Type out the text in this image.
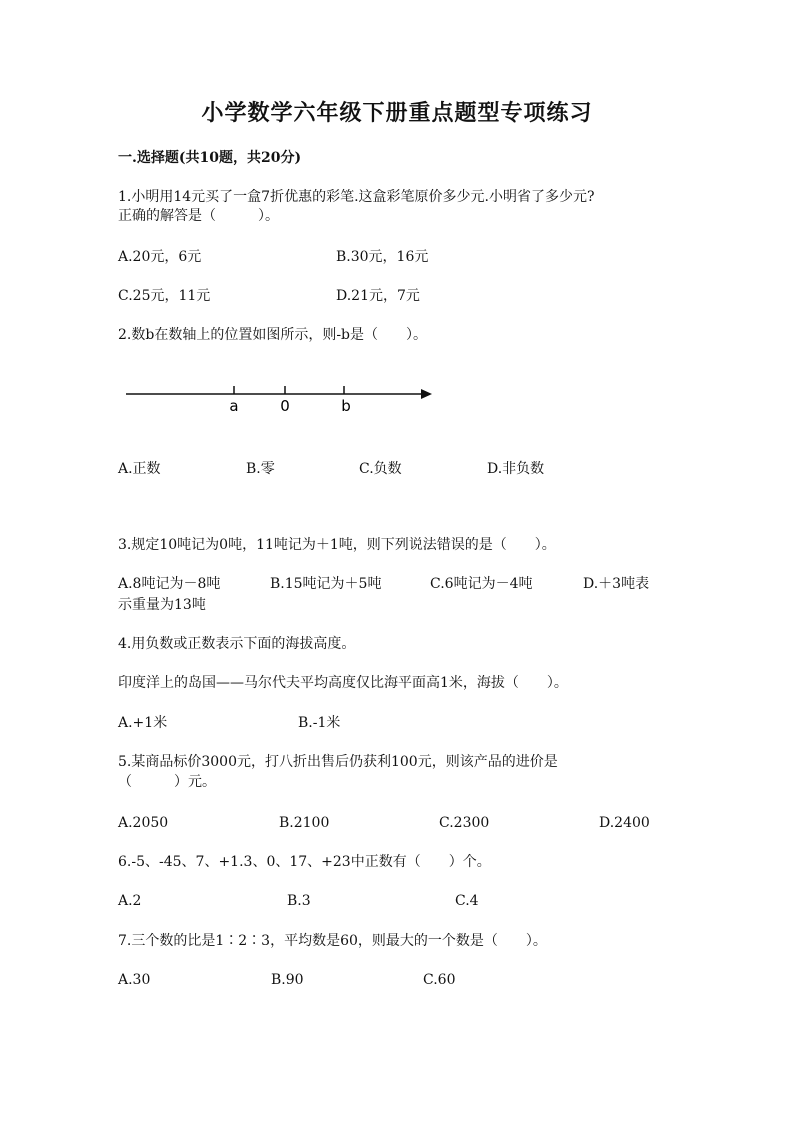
小学数学六年级下册重点题型专项练习
一.选择题(共10题，共20分)
1.小明用14元买了一盒7折优惠的彩笔.这盒彩笔原价多少元.小明省了多少元?
正确的解答是（　　　）。
A.20元，6元	B.30元，16元
C.25元，11元	D.21元，7元
2.数b在数轴上的位置如图所示，则-b是（　　）。
a	0	b
A.正数	B.零	C.负数	D.非负数
3.规定10吨记为0吨，11吨记为＋1吨，则下列说法错误的是（　　）。
A.8吨记为－8吨	B.15吨记为＋5吨	C.6吨记为－4吨	D.＋3吨表
示重量为13吨
4.用负数或正数表示下面的海拔高度。
印度洋上的岛国——马尔代夫平均高度仅比海平面高1米，海拔（　　）。
A.+1米	B.-1米
5.某商品标价3000元，打八折出售后仍获利100元，则该产品的进价是
（　　　）元。
A.2050	B.2100	C.2300	D.2400
6.-5、-45、7、+1.3、0、17、+23中正数有（　　）个。
A.2	B.3	C.4
7.三个数的比是1∶2∶3，平均数是60，则最大的一个数是（　　）。
A.30	B.90	C.60
